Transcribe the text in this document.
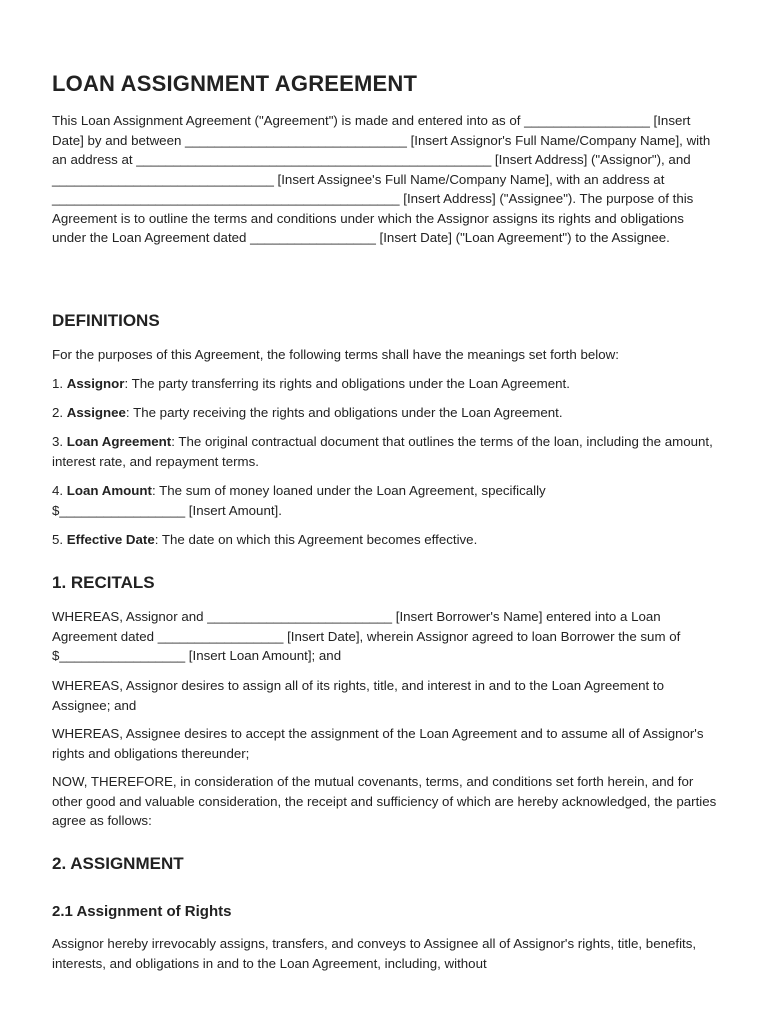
LOAN ASSIGNMENT AGREEMENT

This Loan Assignment Agreement ("Agreement") is made and entered into as of _________________ [Insert Date] by and between ______________________________ [Insert Assignor's Full Name/Company Name], with an address at ________________________________________________ [Insert Address] ("Assignor"), and ______________________________ [Insert Assignee's Full Name/Company Name], with an address at _______________________________________________ [Insert Address] ("Assignee"). The purpose of this Agreement is to outline the terms and conditions under which the Assignor assigns its rights and obligations under the Loan Agreement dated _________________ [Insert Date] ("Loan Agreement") to the Assignee.

DEFINITIONS

For the purposes of this Agreement, the following terms shall have the meanings set forth below:

1. Assignor: The party transferring its rights and obligations under the Loan Agreement.

2. Assignee: The party receiving the rights and obligations under the Loan Agreement.

3. Loan Agreement: The original contractual document that outlines the terms of the loan, including the amount, interest rate, and repayment terms.

4. Loan Amount: The sum of money loaned under the Loan Agreement, specifically $_________________ [Insert Amount].

5. Effective Date: The date on which this Agreement becomes effective.

1. RECITALS

WHEREAS, Assignor and _________________________ [Insert Borrower's Name] entered into a Loan Agreement dated _________________ [Insert Date], wherein Assignor agreed to loan Borrower the sum of $_________________ [Insert Loan Amount]; and

WHEREAS, Assignor desires to assign all of its rights, title, and interest in and to the Loan Agreement to Assignee; and

WHEREAS, Assignee desires to accept the assignment of the Loan Agreement and to assume all of Assignor's rights and obligations thereunder;

NOW, THEREFORE, in consideration of the mutual covenants, terms, and conditions set forth herein, and for other good and valuable consideration, the receipt and sufficiency of which are hereby acknowledged, the parties agree as follows:

2. ASSIGNMENT
2.1 Assignment of Rights

Assignor hereby irrevocably assigns, transfers, and conveys to Assignee all of Assignor's rights, title, benefits, interests, and obligations in and to the Loan Agreement, including, without
